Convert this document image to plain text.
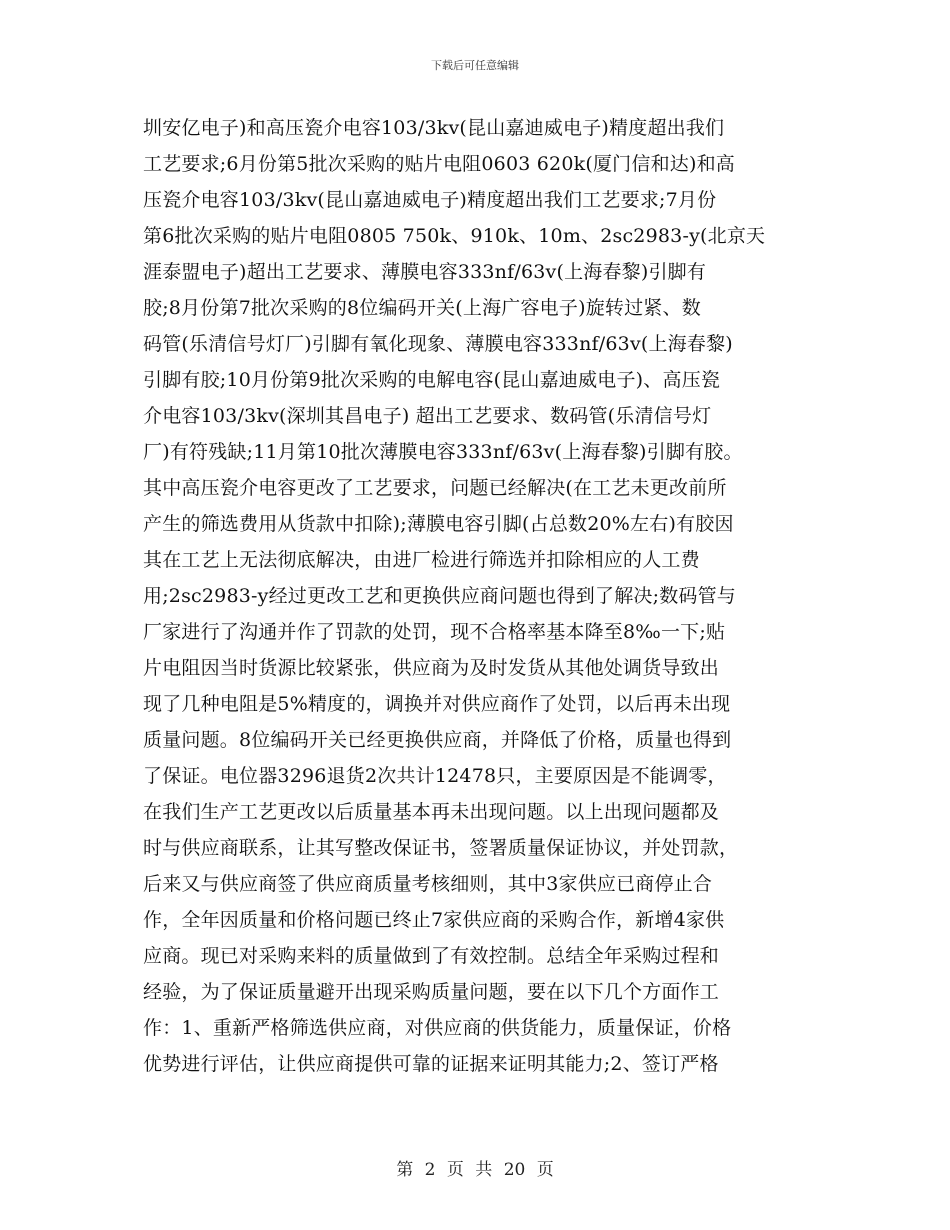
下载后可任意编辑
圳安亿电子)和高压瓷介电容103/3kv(昆山嘉迪威电子)精度超出我们
工艺要求;6月份第5批次采购的贴片电阻0603 620k(厦门信和达)和高
压瓷介电容103/3kv(昆山嘉迪威电子)精度超出我们工艺要求;7月份
第6批次采购的贴片电阻0805 750k、910k、10m、2sc2983-y(北京天
涯泰盟电子)超出工艺要求、薄膜电容333nf/63v(上海春黎)引脚有
胶;8月份第7批次采购的8位编码开关(上海广容电子)旋转过紧、数
码管(乐清信号灯厂)引脚有氧化现象、薄膜电容333nf/63v(上海春黎)
引脚有胶;10月份第9批次采购的电解电容(昆山嘉迪威电子)、高压瓷
介电容103/3kv(深圳其昌电子) 超出工艺要求、数码管(乐清信号灯
厂)有符残缺;11月第10批次薄膜电容333nf/63v(上海春黎)引脚有胶。
其中高压瓷介电容更改了工艺要求，问题已经解决(在工艺未更改前所
产生的筛选费用从货款中扣除);薄膜电容引脚(占总数20%左右)有胶因
其在工艺上无法彻底解决，由进厂检进行筛选并扣除相应的人工费
用;2sc2983-y经过更改工艺和更换供应商问题也得到了解决;数码管与
厂家进行了沟通并作了罚款的处罚，现不合格率基本降至8‰一下;贴
片电阻因当时货源比较紧张，供应商为及时发货从其他处调货导致出
现了几种电阻是5%精度的，调换并对供应商作了处罚，以后再未出现
质量问题。8位编码开关已经更换供应商，并降低了价格，质量也得到
了保证。电位器3296退货2次共计12478只，主要原因是不能调零，
在我们生产工艺更改以后质量基本再未出现问题。以上出现问题都及
时与供应商联系，让其写整改保证书，签署质量保证协议，并处罚款，
后来又与供应商签了供应商质量考核细则，其中3家供应已商停止合
作，全年因质量和价格问题已终止7家供应商的采购合作，新增4家供
应商。现已对采购来料的质量做到了有效控制。总结全年采购过程和
经验，为了保证质量避开出现采购质量问题，要在以下几个方面作工
作：1、重新严格筛选供应商，对供应商的供货能力，质量保证，价格
优势进行评估，让供应商提供可靠的证据来证明其能力;2、签订严格
第 2 页 共 20 页
